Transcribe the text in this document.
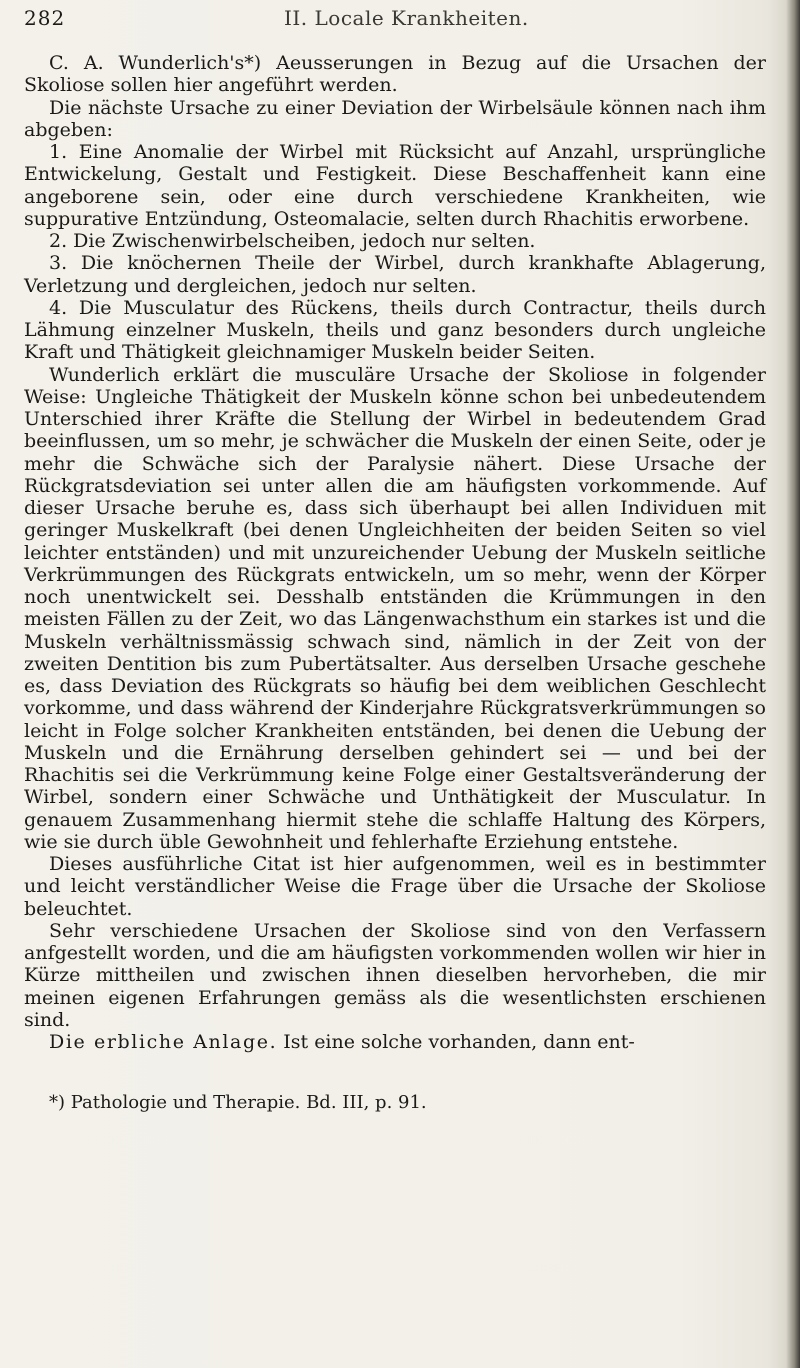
282	II. Locale Krankheiten.

C. A. Wunderlich's*) Aeusserungen in Bezug auf die Ursachen der Skoliose sollen hier angeführt werden.

Die nächste Ursache zu einer Deviation der Wirbelsäule können nach ihm abgeben:

1. Eine Anomalie der Wirbel mit Rücksicht auf Anzahl, ursprüngliche Entwickelung, Gestalt und Festigkeit. Diese Beschaffenheit kann eine angeborene sein, oder eine durch verschiedene Krankheiten, wie suppurative Entzündung, Osteomalacie, selten durch Rhachitis erworbene.

2. Die Zwischenwirbelscheiben, jedoch nur selten.

3. Die knöchernen Theile der Wirbel, durch krankhafte Ablagerung, Verletzung und dergleichen, jedoch nur selten.

4. Die Musculatur des Rückens, theils durch Contractur, theils durch Lähmung einzelner Muskeln, theils und ganz besonders durch ungleiche Kraft und Thätigkeit gleichnamiger Muskeln beider Seiten.

Wunderlich erklärt die musculäre Ursache der Skoliose in folgender Weise: Ungleiche Thätigkeit der Muskeln könne schon bei unbedeutendem Unterschied ihrer Kräfte die Stellung der Wirbel in bedeutendem Grad beeinflussen, um so mehr, je schwächer die Muskeln der einen Seite, oder je mehr die Schwäche sich der Paralysie nähert. Diese Ursache der Rückgratsdeviation sei unter allen die am häufigsten vorkommende. Auf dieser Ursache beruhe es, dass sich überhaupt bei allen Individuen mit geringer Muskelkraft (bei denen Ungleichheiten der beiden Seiten so viel leichter entständen) und mit unzureichender Uebung der Muskeln seitliche Verkrümmungen des Rückgrats entwickeln, um so mehr, wenn der Körper noch unentwickelt sei. Desshalb entständen die Krümmungen in den meisten Fällen zu der Zeit, wo das Längenwachsthum ein starkes ist und die Muskeln verhältnissmässig schwach sind, nämlich in der Zeit von der zweiten Dentition bis zum Pubertätsalter. Aus derselben Ursache geschehe es, dass Deviation des Rückgrats so häufig bei dem weiblichen Geschlecht vorkomme, und dass während der Kinderjahre Rückgratsverkrümmungen so leicht in Folge solcher Krankheiten entständen, bei denen die Uebung der Muskeln und die Ernährung derselben gehindert sei — und bei der Rhachitis sei die Verkrümmung keine Folge einer Gestaltsveränderung der Wirbel, sondern einer Schwäche und Unthätigkeit der Musculatur. In genauem Zusammenhang hiermit stehe die schlaffe Haltung des Körpers, wie sie durch üble Gewohnheit und fehlerhafte Erziehung entstehe.

Dieses ausführliche Citat ist hier aufgenommen, weil es in bestimmter und leicht verständlicher Weise die Frage über die Ursache der Skoliose beleuchtet.

Sehr verschiedene Ursachen der Skoliose sind von den Verfassern anfgestellt worden, und die am häufigsten vorkommenden wollen wir hier in Kürze mittheilen und zwischen ihnen dieselben hervorheben, die mir meinen eigenen Erfahrungen gemäss als die wesentlichsten erschienen sind.

Die erbliche Anlage. Ist eine solche vorhanden, dann ent-

*) Pathologie und Therapie. Bd. III, p. 91.
